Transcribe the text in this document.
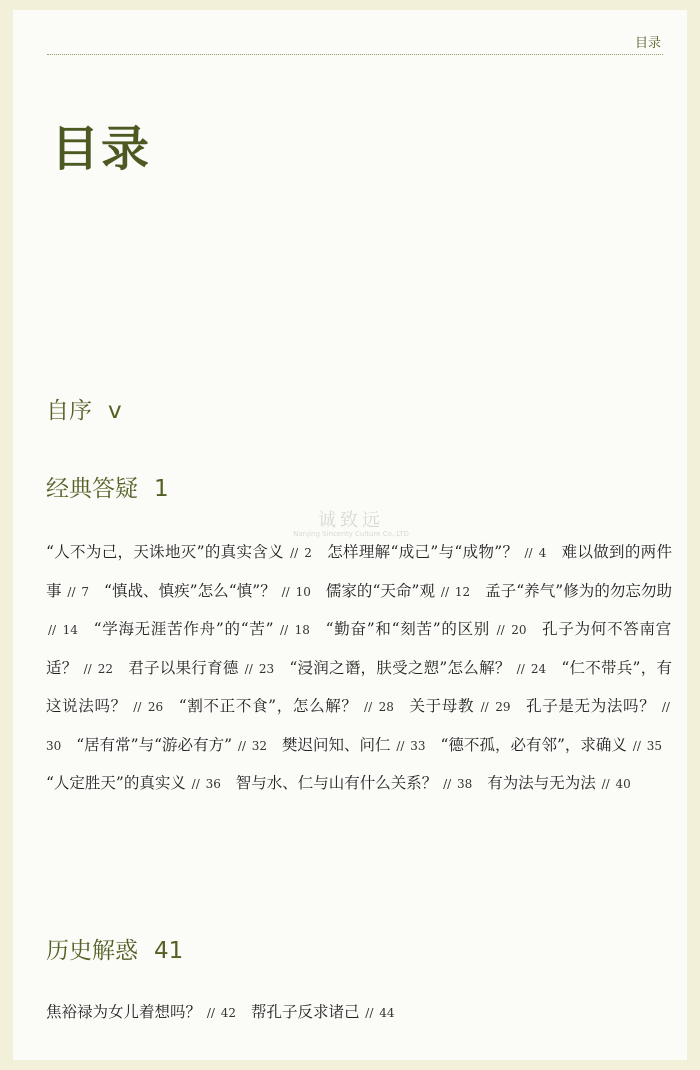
目录
目录
自序 v
经典答疑 1
“人不为己，天诛地灭”的真实含义 // 2 怎样理解“成己”与“成物”？ // 4 难以做到的两件事 // 7 “慎战、慎疾”怎么“慎”？ // 10 儒家的“天命”观 // 12 孟子“养气”修为的勿忘勿助 // 14 “学海无涯苦作舟”的“苦” // 18 “勤奋”和“刻苦”的区别 // 20 孔子为何不答南宫适？ // 22 君子以果行育德 // 23 “浸润之谮，肤受之愬”怎么解？ // 24 “仁不带兵”，有这说法吗？ // 26 “割不正不食”，怎么解？ // 28 关于母教 // 29 孔子是无为法吗？ // 30 “居有常”与“游必有方” // 32 樊迟问知、问仁 // 33 “德不孤，必有邻”，求确义 // 35 “人定胜天”的真实义 // 36 智与水、仁与山有什么关系？ // 38 有为法与无为法 // 40
诚致远
Nanjing Sincerity Culture Co.,LTD
历史解惑 41
焦裕禄为女儿着想吗？ // 42 帮孔子反求诸己 // 44
